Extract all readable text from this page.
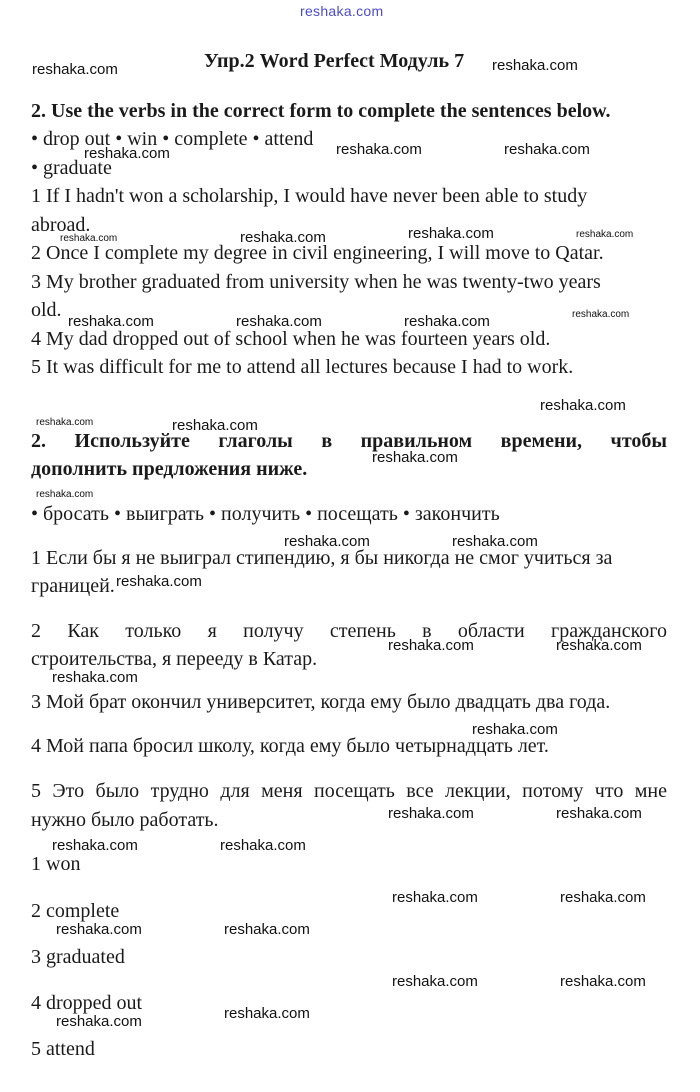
reshaka.com
Упр.2 Word Perfect Модуль 7
2. Use the verbs in the correct form to complete the sentences below.
• drop out • win • complete • attend
• graduate
1 If I hadn't won a scholarship, I would have never been able to study
abroad.
2 Once I complete my degree in civil engineering, I will move to Qatar.
3 My brother graduated from university when he was twenty-two years
old.
4 My dad dropped out of school when he was fourteen years old.
5 It was difficult for me to attend all lectures because I had to work.
2. Используйте глаголы в правильном времени, чтобы
дополнить предложения ниже.
• бросать • выиграть • получить • посещать • закончить
1 Если бы я не выиграл стипендию, я бы никогда не смог учиться за
границей.
2 Как только я получу степень в области гражданского
строительства, я перееду в Катар.
3 Мой брат окончил университет, когда ему было двадцать два года.
4 Мой папа бросил школу, когда ему было четырнадцать лет.
5 Это было трудно для меня посещать все лекции, потому что мне
нужно было работать.
1 won
2 complete
3 graduated
4 dropped out
5 attend
reshaka.com	reshaka.com
reshaka.com	reshaka.com	reshaka.com
reshaka.com	reshaka.com	reshaka.com	reshaka.com
reshaka.com	reshaka.com	reshaka.com	reshaka.com
reshaka.com
reshaka.com	reshaka.com
reshaka.com
reshaka.com
reshaka.com	reshaka.com
reshaka.com
reshaka.com	reshaka.com
reshaka.com
reshaka.com
reshaka.com	reshaka.com
reshaka.com	reshaka.com
reshaka.com	reshaka.com
reshaka.com	reshaka.com
reshaka.com	reshaka.com
reshaka.com	reshaka.com
